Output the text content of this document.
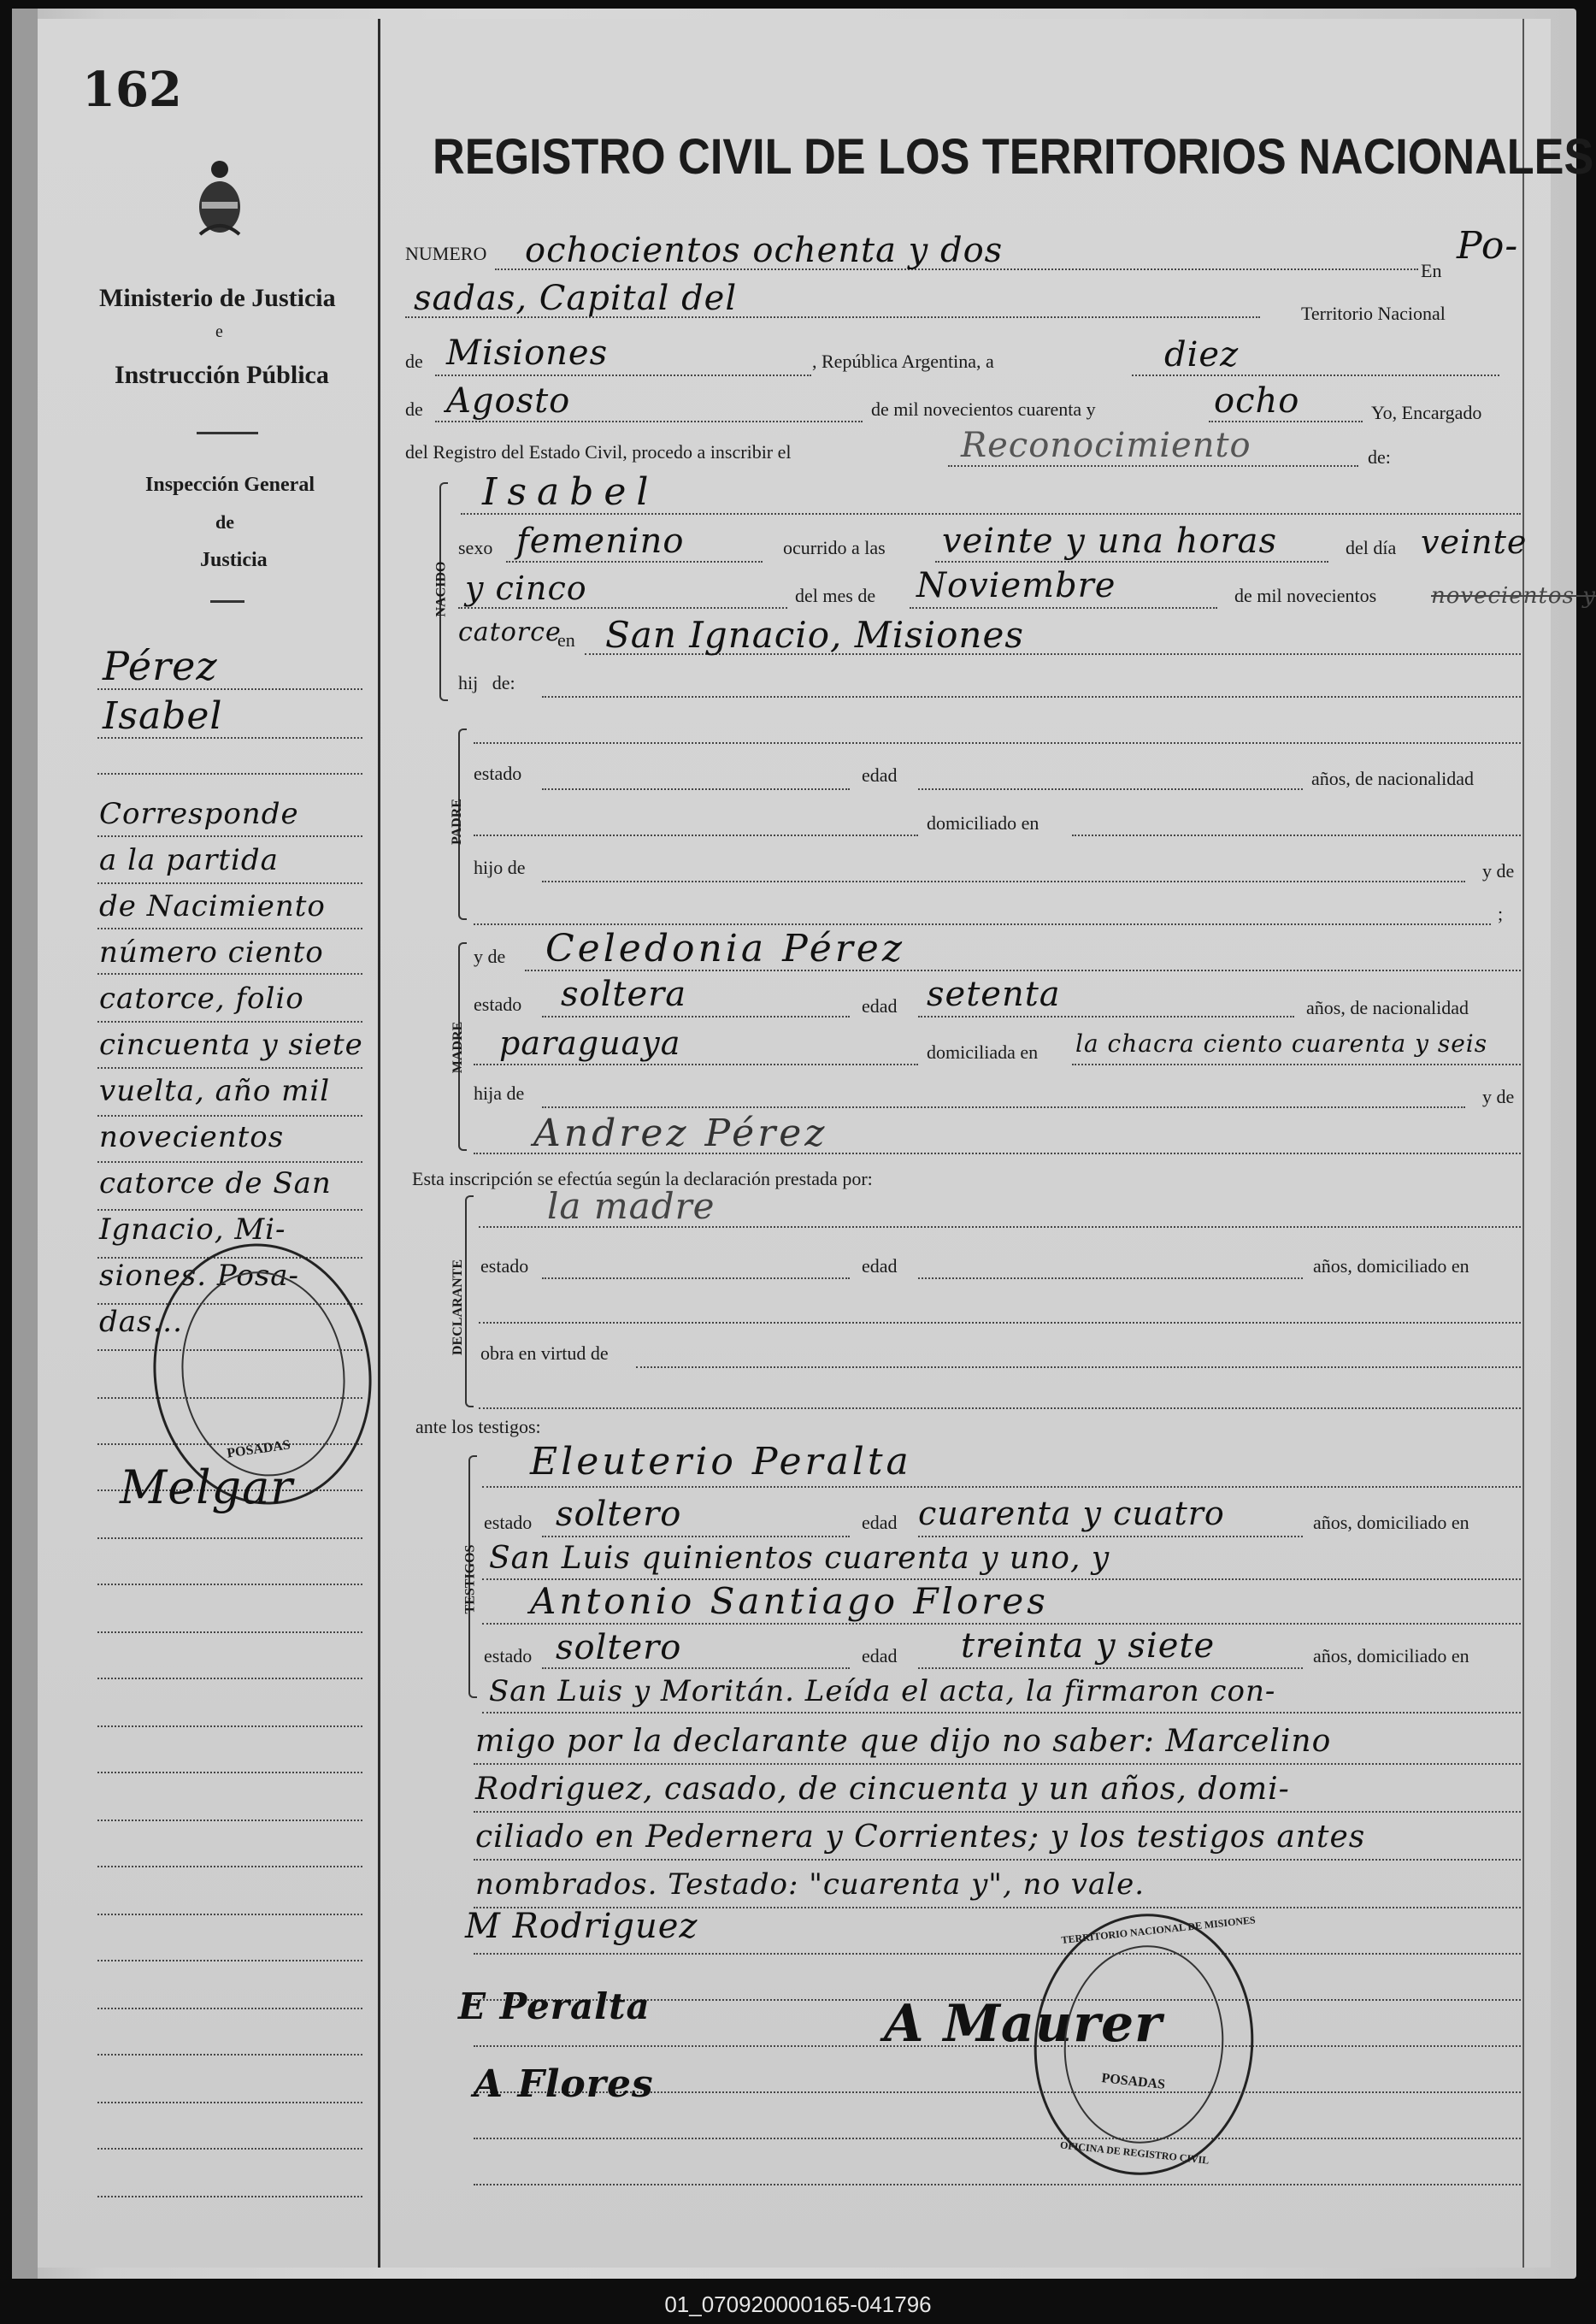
162
Ministerio de Justicia
e
Instrucción Pública
Inspección General
de
Justicia
Pérez
Isabel
Corresponde
a la partida
de Nacimiento
número ciento
catorce, folio
cincuenta y siete
vuelta, año mil
novecientos
catorce de San
Ignacio, Mi-
siones. Posa-
das...
POSADAS
Melgar
REGISTRO CIVIL DE LOS TERRITORIOS NACIONALES
NUMERO ochocientos ochenta y dos
En
Po-
sadas, Capital del	Territorio Nacional
de Misiones	, República Argentina, a	diez
de Agosto	de mil novecientos cuarenta y	ocho	Yo, Encargado
del Registro del Estado Civil, procedo a inscribir el	Reconocimiento	de:
NACIDO
Isabel
sexo femenino	ocurrido a las veinte y una horas	del día veinte
y cinco	del mes de Noviembre	de mil novecientos novecientos y
catorce
en San Ignacio, Misiones
hij   de:
PADRE
estado	edad	años, de nacionalidad
domiciliado en
hijo de	y de
;
MADRE
y de Celedonia Pérez
estado soltera	edad setenta	años, de nacionalidad
paraguaya	domiciliada en la chacra ciento cuarenta y seis
hija de	y de
Andrez Pérez
Esta inscripción se efectúa según la declaración prestada por:
DECLARANTE
la madre
estado	edad	años, domiciliado en
obra en virtud de
ante los testigos:
TESTIGOS
Eleuterio Peralta
estado soltero	edad cuarenta y cuatro	años, domiciliado en
San Luis quinientos cuarenta y uno, y
Antonio Santiago Flores
estado soltero	edad treinta y siete	años, domiciliado en
San Luis y Moritán. Leída el acta, la firmaron con-
migo por la declarante que dijo no saber: Marcelino
Rodriguez, casado, de cincuenta y un años, domi-
ciliado en Pedernera y Corrientes; y los testigos antes
nombrados. Testado: "cuarenta y", no vale.
M Rodriguez
E Peralta
A Flores
A Maurer
POSADAS
TERRITORIO NACIONAL DE MISIONES
OFICINA DE REGISTRO CIVIL
01_070920000165-041796
